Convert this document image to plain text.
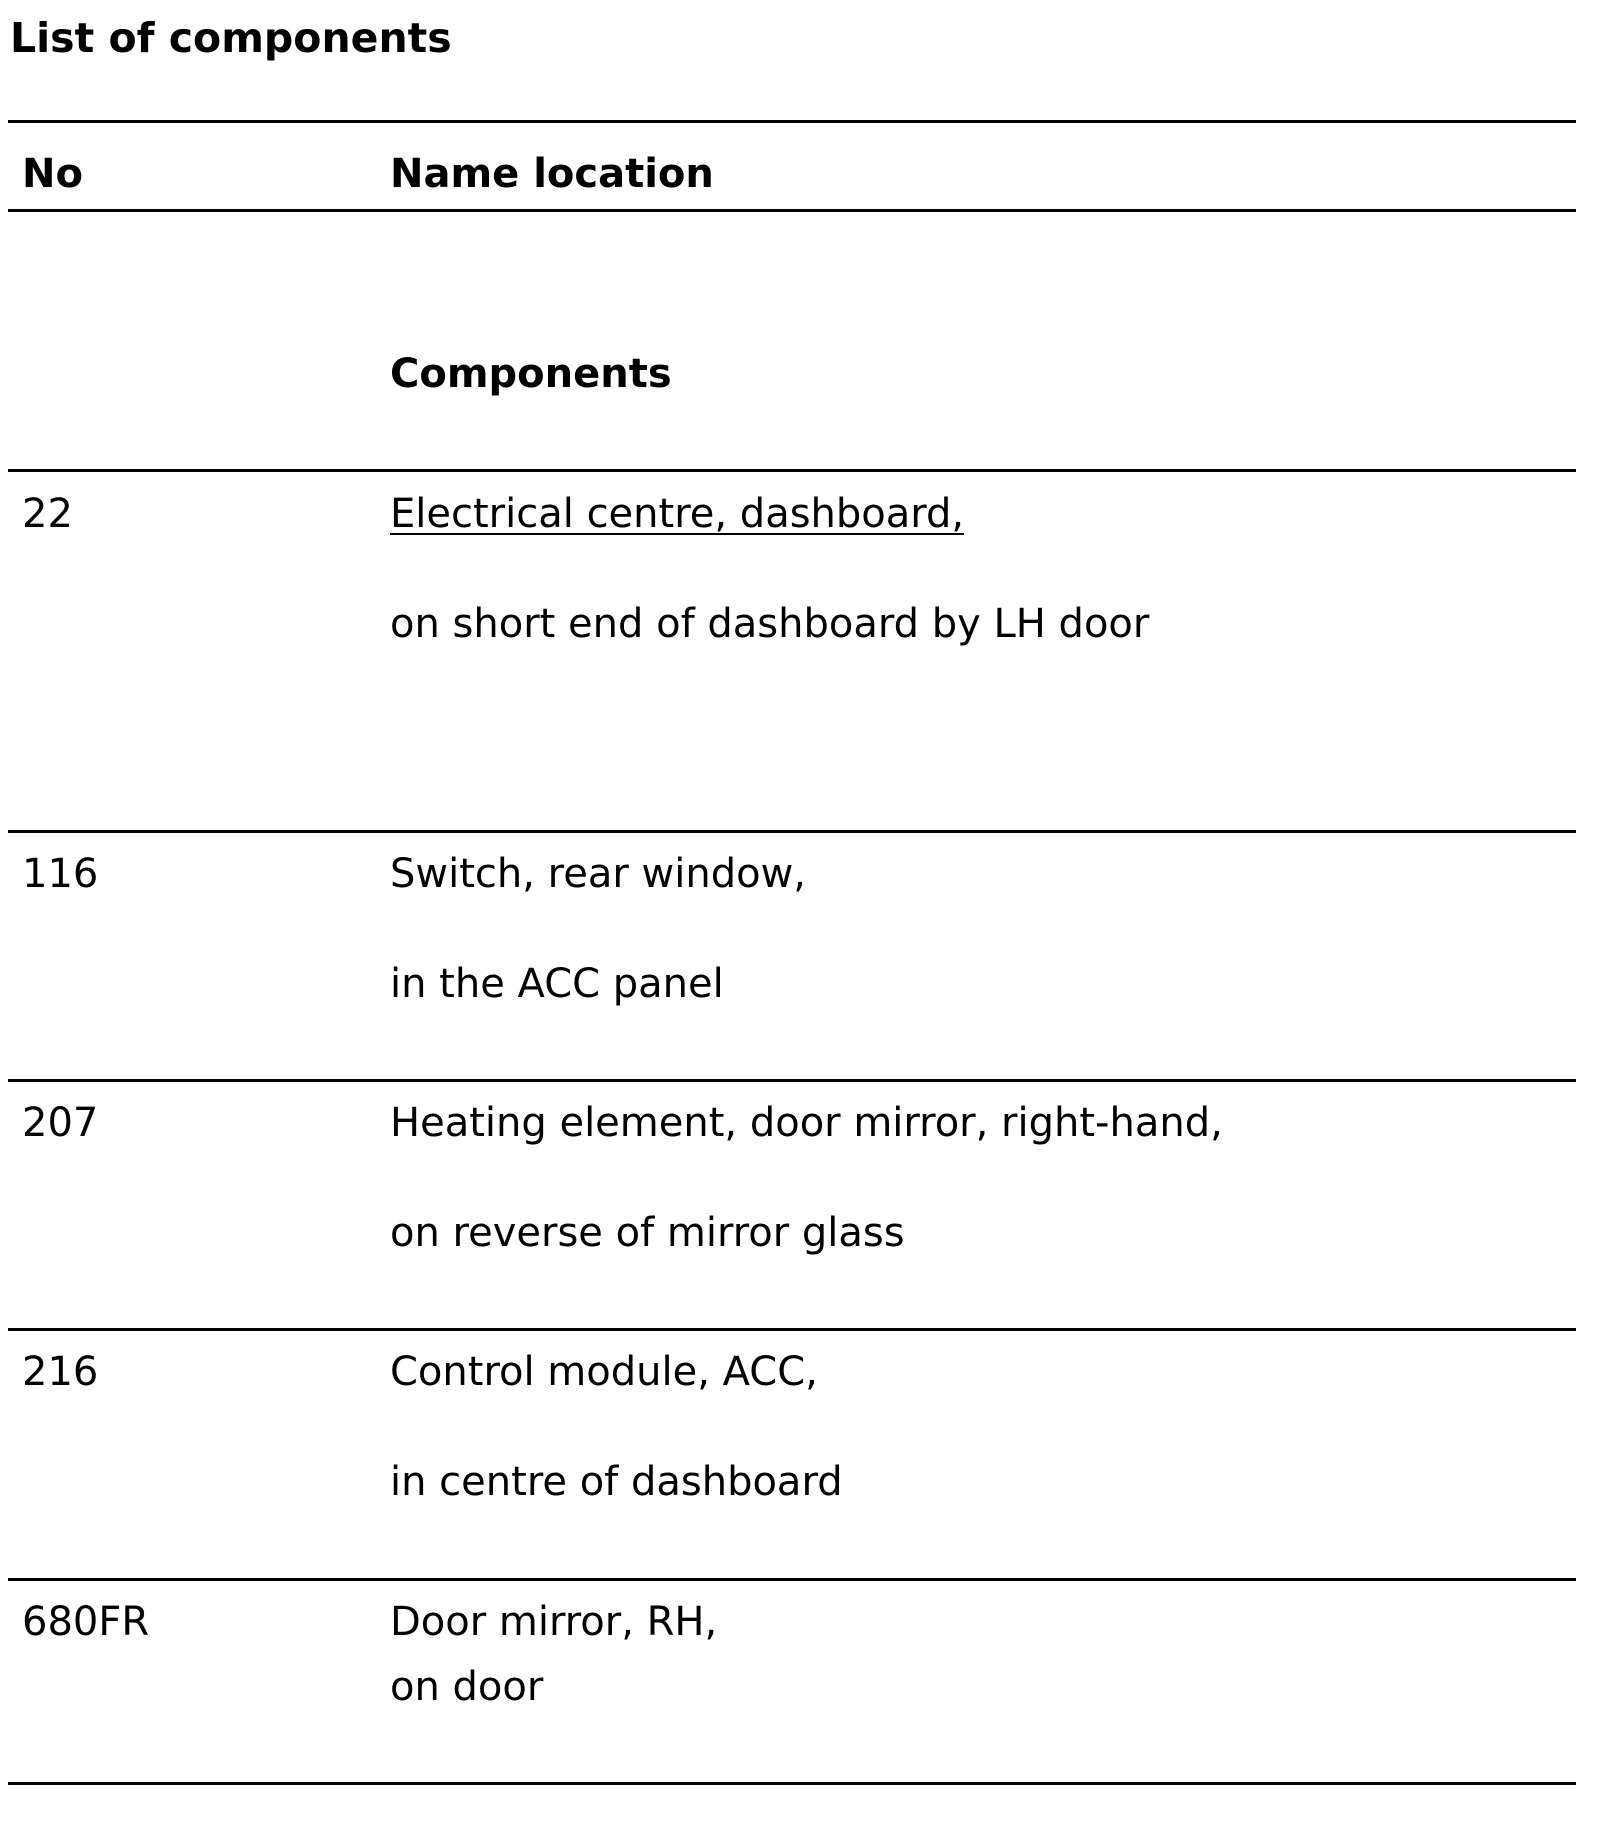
List of components
No	Name location
Components
22	Electrical centre, dashboard,
on short end of dashboard by LH door
116	Switch, rear window,
in the ACC panel
207	Heating element, door mirror, right-hand,
on reverse of mirror glass
216	Control module, ACC,
in centre of dashboard
680FR	Door mirror, RH,
on door
